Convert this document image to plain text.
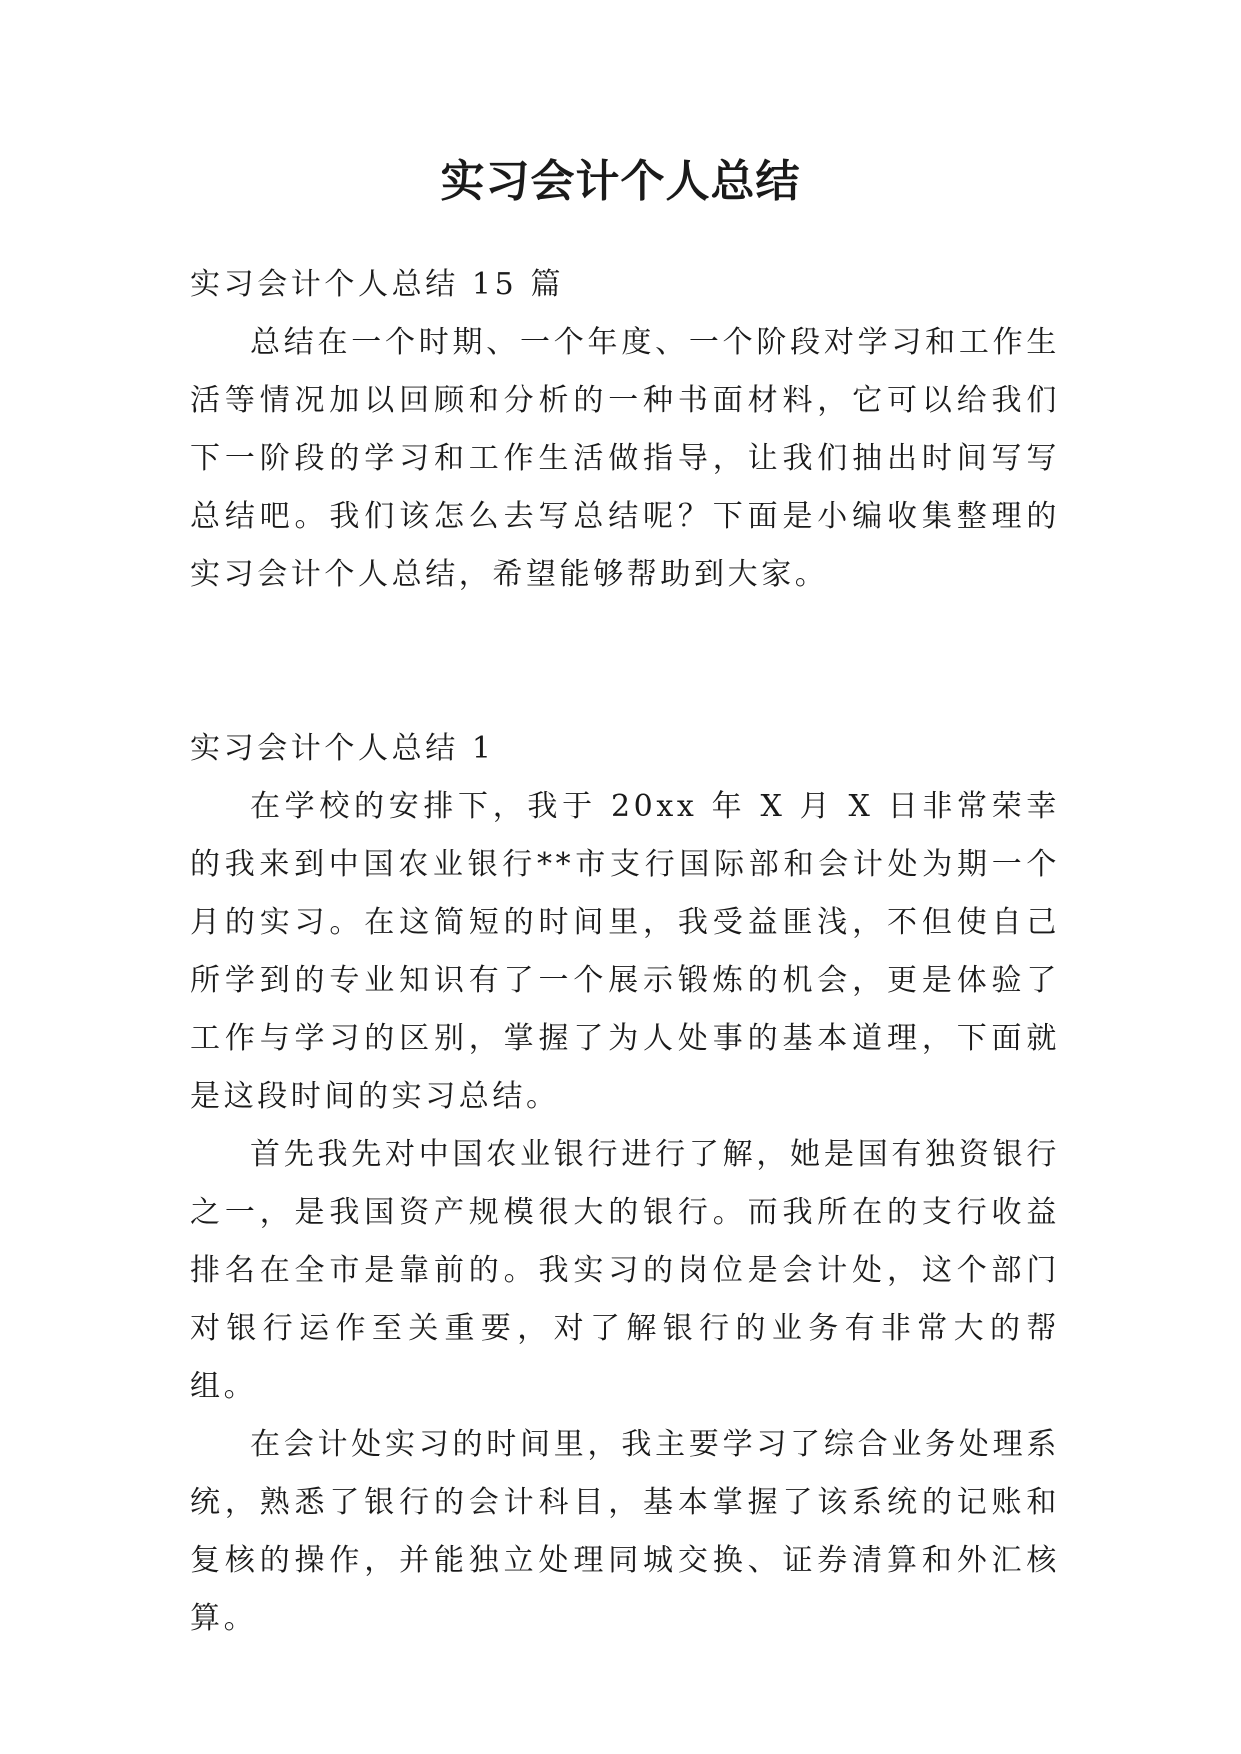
实习会计个人总结

实习会计个人总结 15 篇

总结在一个时期、一个年度、一个阶段对学习和工作生活等情况加以回顾和分析的一种书面材料，它可以给我们下一阶段的学习和工作生活做指导，让我们抽出时间写写总结吧。我们该怎么去写总结呢？下面是小编收集整理的实习会计个人总结，希望能够帮助到大家。

实习会计个人总结 1

在学校的安排下，我于 20xx 年 X 月 X 日非常荣幸的我来到中国农业银行**市支行国际部和会计处为期一个月的实习。在这简短的时间里，我受益匪浅，不但使自己所学到的专业知识有了一个展示锻炼的机会，更是体验了工作与学习的区别，掌握了为人处事的基本道理，下面就是这段时间的实习总结。

首先我先对中国农业银行进行了解，她是国有独资银行之一，是我国资产规模很大的银行。而我所在的支行收益排名在全市是靠前的。我实习的岗位是会计处，这个部门对银行运作至关重要，对了解银行的业务有非常大的帮组。

在会计处实习的时间里，我主要学习了综合业务处理系统，熟悉了银行的会计科目，基本掌握了该系统的记账和复核的操作，并能独立处理同城交换、证券清算和外汇核算。
